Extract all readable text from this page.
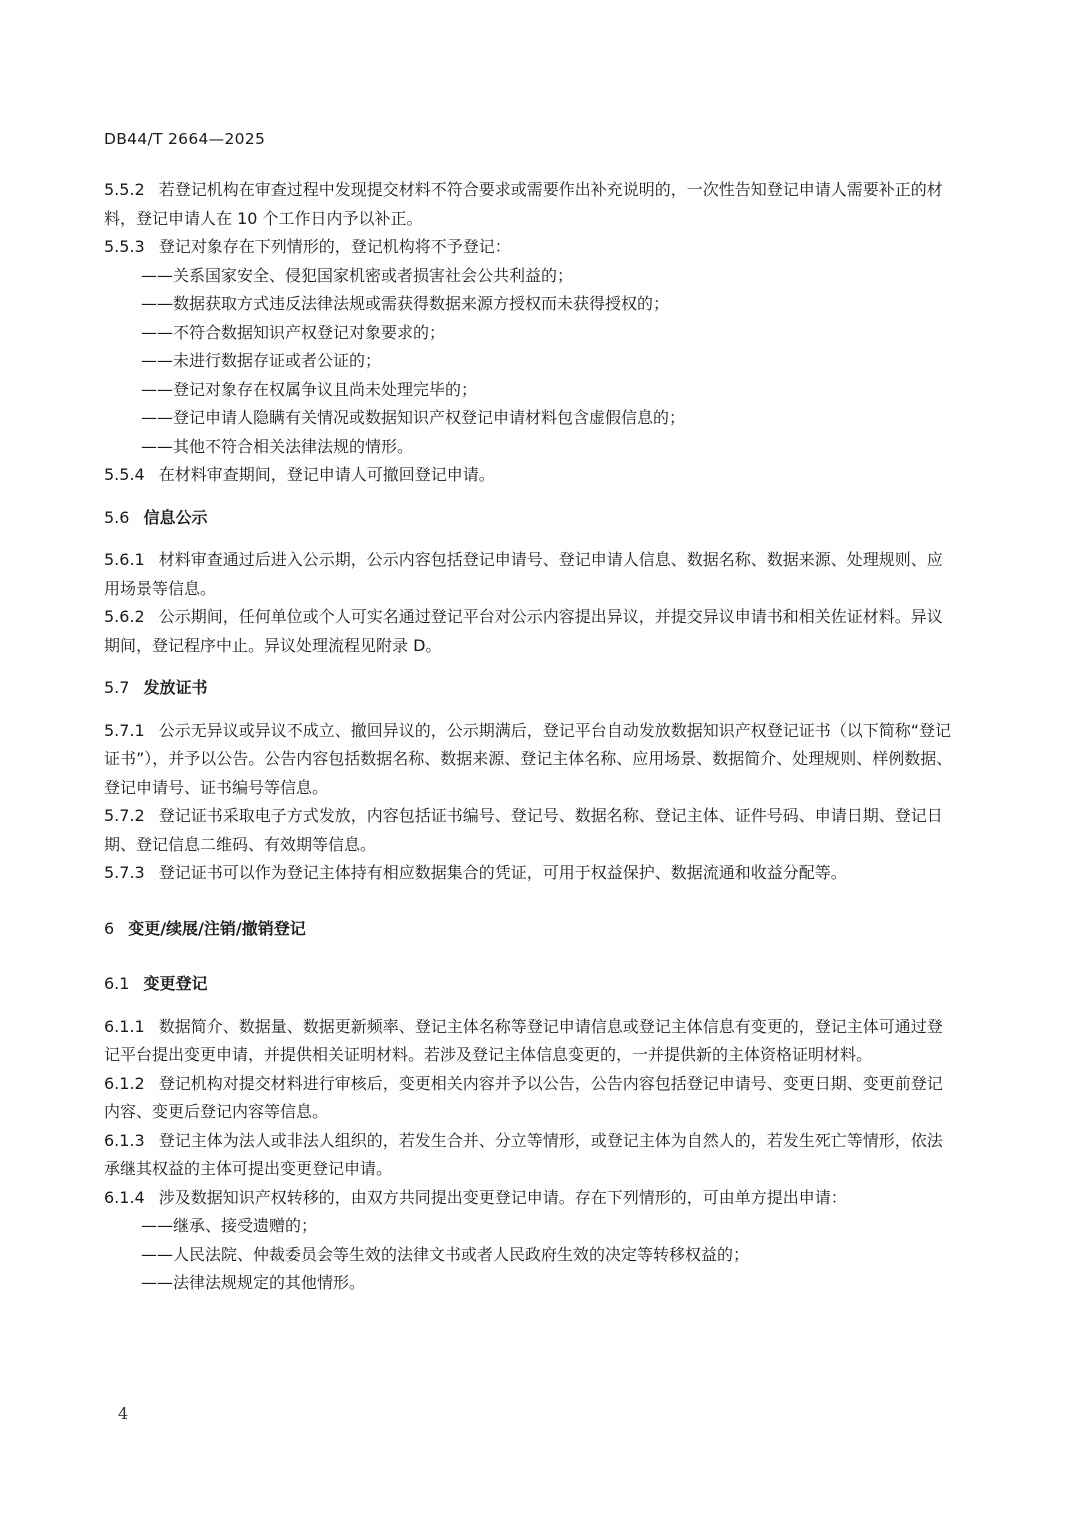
DB44/T 2664—2025

5.5.2 若登记机构在审查过程中发现提交材料不符合要求或需要作出补充说明的，一次性告知登记申请人需要补正的材料，登记申请人在 10 个工作日内予以补正。

5.5.3 登记对象存在下列情形的，登记机构将不予登记：

——关系国家安全、侵犯国家机密或者损害社会公共利益的；

——数据获取方式违反法律法规或需获得数据来源方授权而未获得授权的；

——不符合数据知识产权登记对象要求的；

——未进行数据存证或者公证的；

——登记对象存在权属争议且尚未处理完毕的；

——登记申请人隐瞒有关情况或数据知识产权登记申请材料包含虚假信息的；

——其他不符合相关法律法规的情形。

5.5.4 在材料审查期间，登记申请人可撤回登记申请。

5.6 信息公示

5.6.1 材料审查通过后进入公示期，公示内容包括登记申请号、登记申请人信息、数据名称、数据来源、处理规则、应用场景等信息。

5.6.2 公示期间，任何单位或个人可实名通过登记平台对公示内容提出异议，并提交异议申请书和相关佐证材料。异议期间，登记程序中止。异议处理流程见附录 D。

5.7 发放证书

5.7.1 公示无异议或异议不成立、撤回异议的，公示期满后，登记平台自动发放数据知识产权登记证书（以下简称“登记证书”），并予以公告。公告内容包括数据名称、数据来源、登记主体名称、应用场景、数据简介、处理规则、样例数据、登记申请号、证书编号等信息。

5.7.2 登记证书采取电子方式发放，内容包括证书编号、登记号、数据名称、登记主体、证件号码、申请日期、登记日期、登记信息二维码、有效期等信息。

5.7.3 登记证书可以作为登记主体持有相应数据集合的凭证，可用于权益保护、数据流通和收益分配等。

6 变更/续展/注销/撤销登记

6.1 变更登记

6.1.1 数据简介、数据量、数据更新频率、登记主体名称等登记申请信息或登记主体信息有变更的，登记主体可通过登记平台提出变更申请，并提供相关证明材料。若涉及登记主体信息变更的，一并提供新的主体资格证明材料。

6.1.2 登记机构对提交材料进行审核后，变更相关内容并予以公告，公告内容包括登记申请号、变更日期、变更前登记内容、变更后登记内容等信息。

6.1.3 登记主体为法人或非法人组织的，若发生合并、分立等情形，或登记主体为自然人的，若发生死亡等情形，依法承继其权益的主体可提出变更登记申请。

6.1.4 涉及数据知识产权转移的，由双方共同提出变更登记申请。存在下列情形的，可由单方提出申请：

——继承、接受遗赠的；

——人民法院、仲裁委员会等生效的法律文书或者人民政府生效的决定等转移权益的；

——法律法规规定的其他情形。

4
